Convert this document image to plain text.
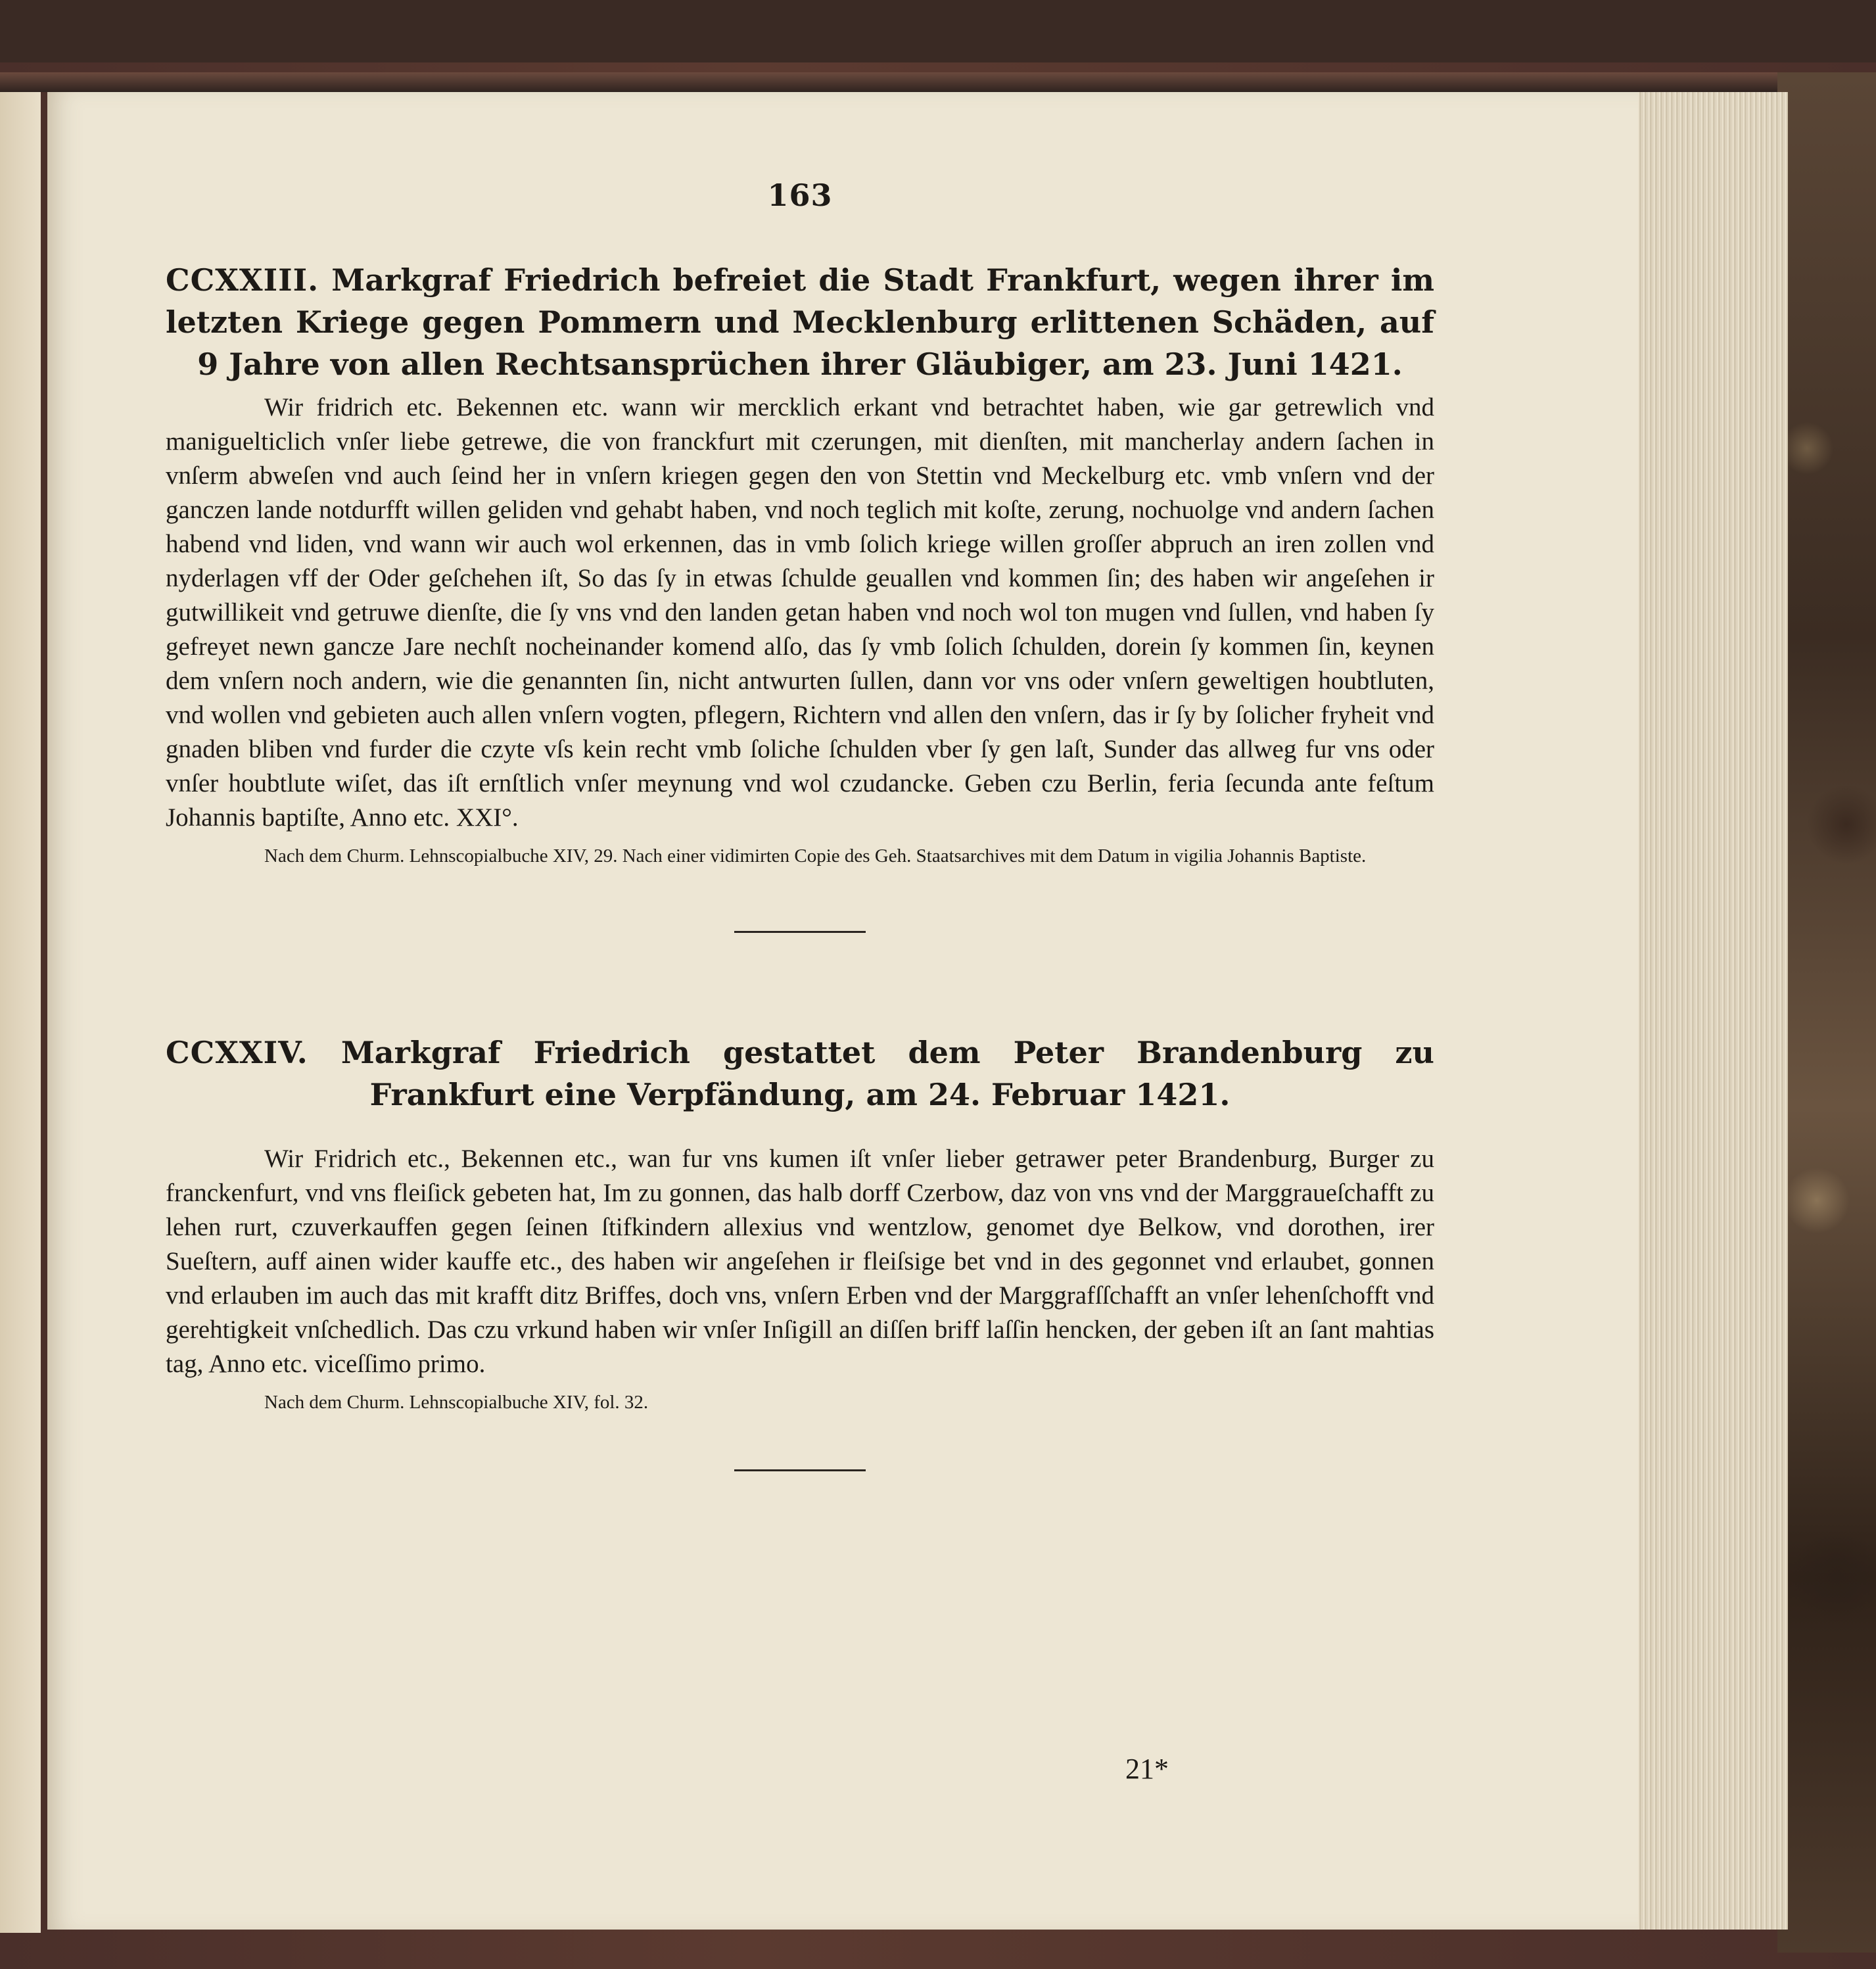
163
CCXXIII. Markgraf Friedrich befreiet die Stadt Frankfurt, wegen ihrer im letzten Kriege gegen Pommern und Mecklenburg erlittenen Schäden, auf 9 Jahre von allen Rechtsansprüchen ihrer Gläubiger, am 23. Juni 1421.

Wir fridrich etc. Bekennen etc. wann wir mercklich erkant vnd betrachtet haben, wie gar getrewlich vnd maniguelticlich vnſer liebe getrewe, die von franckfurt mit czerungen, mit dienſten, mit mancherlay andern ſachen in vnſerm abweſen vnd auch ſeind her in vnſern kriegen gegen den von Stettin vnd Meckelburg etc. vmb vnſern vnd der ganczen lande notdurfft willen geliden vnd gehabt haben, vnd noch teglich mit koſte, zerung, nochuolge vnd andern ſachen habend vnd liden, vnd wann wir auch wol erkennen, das in vmb ſolich kriege willen groſſer abpruch an iren zollen vnd nyderlagen vff der Oder geſchehen iſt, So das ſy in etwas ſchulde geuallen vnd kommen ſin; des haben wir angeſehen ir gutwillikeit vnd getruwe dienſte, die ſy vns vnd den landen getan haben vnd noch wol ton mugen vnd ſullen, vnd haben ſy gefreyet newn gancze Jare nechſt nocheinander komend alſo, das ſy vmb ſolich ſchulden, dorein ſy kommen ſin, keynen dem vnſern noch andern, wie die genannten ſin, nicht antwurten ſullen, dann vor vns oder vnſern geweltigen houbtluten, vnd wollen vnd gebieten auch allen vnſern vogten, pflegern, Richtern vnd allen den vnſern, das ir ſy by ſolicher fryheit vnd gnaden bliben vnd furder die czyte vſs kein recht vmb ſoliche ſchulden vber ſy gen laſt, Sunder das allweg fur vns oder vnſer houbtlute wiſet, das iſt ernſtlich vnſer meynung vnd wol czudancke. Geben czu Berlin, feria ſecunda ante feſtum Johannis baptiſte, Anno etc. XXI°.

Nach dem Churm. Lehnscopialbuche XIV, 29. Nach einer vidimirten Copie des Geh. Staatsarchives mit dem Datum in vigilia Johannis Baptiste.

CCXXIV. Markgraf Friedrich gestattet dem Peter Brandenburg zu Frankfurt eine Verpfändung, am 24. Februar 1421.

Wir Fridrich etc., Bekennen etc., wan fur vns kumen iſt vnſer lieber getrawer peter Brandenburg, Burger zu franckenfurt, vnd vns fleiſick gebeten hat, Im zu gonnen, das halb dorff Czerbow, daz von vns vnd der Marggraueſchafft zu lehen rurt, czuverkauffen gegen ſeinen ſtifkindern allexius vnd wentzlow, genomet dye Belkow, vnd dorothen, irer Sueſtern, auff ainen wider kauffe etc., des haben wir angeſehen ir fleiſsige bet vnd in des gegonnet vnd erlaubet, gonnen vnd erlauben im auch das mit krafft ditz Briffes, doch vns, vnſern Erben vnd der Marggrafſſchafft an vnſer lehenſchofft vnd gerehtigkeit vnſchedlich. Das czu vrkund haben wir vnſer Inſigill an diſſen briff laſſin hencken, der geben iſt an ſant mahtias tag, Anno etc. viceſſimo primo.

Nach dem Churm. Lehnscopialbuche XIV, fol. 32.

21*
